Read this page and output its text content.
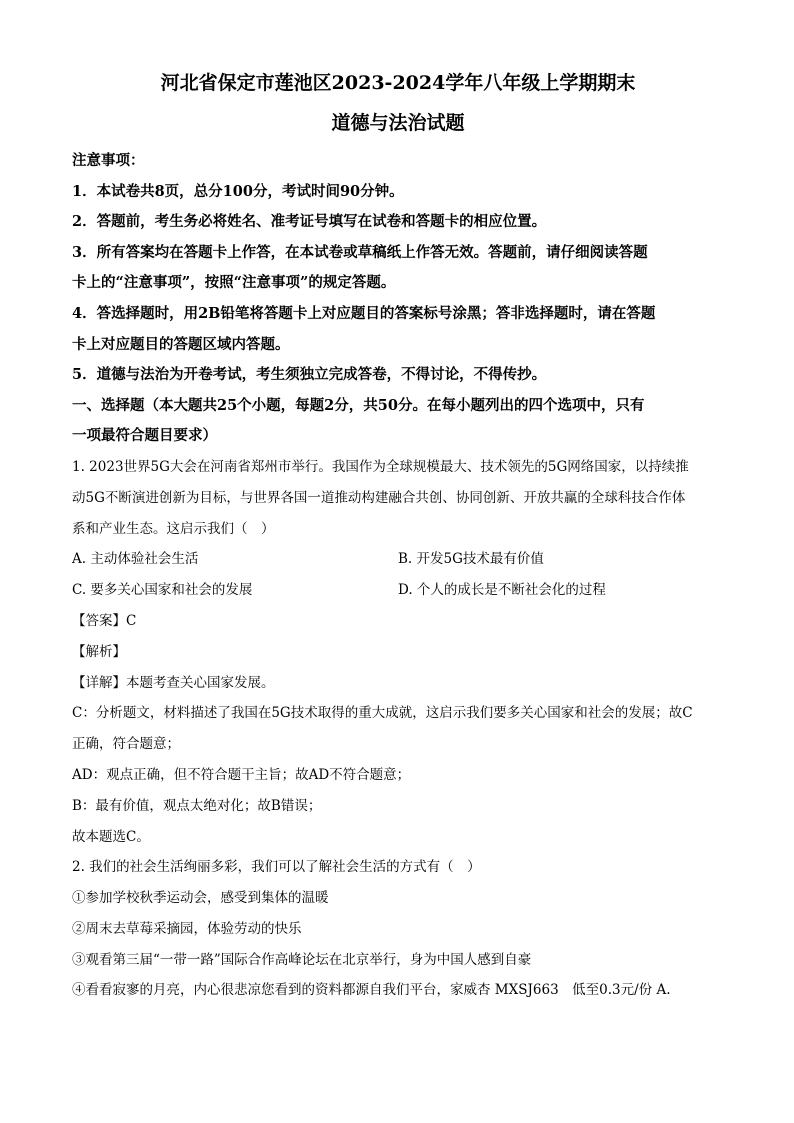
河北省保定市莲池区2023-2024学年八年级上学期期末
道德与法治试题

注意事项：

1．本试卷共8页，总分100分，考试时间90分钟。

2．答题前，考生务必将姓名、准考证号填写在试卷和答题卡的相应位置。

3．所有答案均在答题卡上作答，在本试卷或草稿纸上作答无效。答题前，请仔细阅读答题

卡上的“注意事项”，按照“注意事项”的规定答题。

4．答选择题时，用2B铅笔将答题卡上对应题目的答案标号涂黑；答非选择题时，请在答题

卡上对应题目的答题区域内答题。

5．道德与法治为开卷考试，考生须独立完成答卷，不得讨论，不得传抄。

一、选择题（本大题共25个小题，每题2分，共50分。在每小题列出的四个选项中，只有

一项最符合题目要求）

1. 2023世界5G大会在河南省郑州市举行。我国作为全球规模最大、技术领先的5G网络国家，以持续推

动5G不断演进创新为目标，与世界各国一道推动构建融合共创、协同创新、开放共赢的全球科技合作体

系和产业生态。这启示我们（　）

A. 主动体验社会生活	B. 开发5G技术最有价值
C. 要多关心国家和社会的发展	D. 个人的成长是不断社会化的过程

【答案】C

【解析】

【详解】本题考查关心国家发展。

C：分析题文，材料描述了我国在5G技术取得的重大成就，这启示我们要多关心国家和社会的发展；故C

正确，符合题意；

AD：观点正确，但不符合题干主旨；故AD不符合题意；

B：最有价值，观点太绝对化；故B错误；

故本题选C。

2. 我们的社会生活绚丽多彩，我们可以了解社会生活的方式有（　）

①参加学校秋季运动会，感受到集体的温暖

②周末去草莓采摘园，体验劳动的快乐

③观看第三届“一带一路”国际合作高峰论坛在北京举行，身为中国人感到自豪

④看看寂寥的月亮，内心很悲凉您看到的资料都源自我们平台，家威杏 MXSJ663　低至0.3元/份 A.
